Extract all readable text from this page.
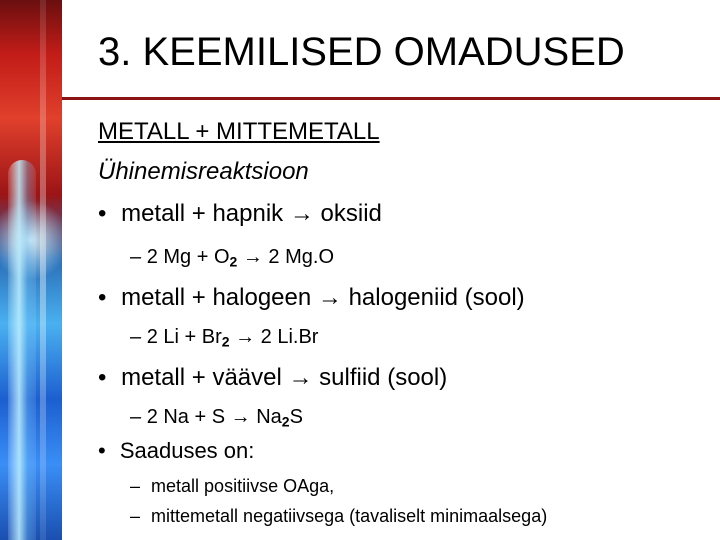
3. KEEMILISED OMADUSED
METALL + MITTEMETALL
Ühinemisreaktsioon
• metall + hapnik → oksiid
– 2 $Mg + O_2 \to 2$ Mg.O
• metall + halogeen → halogeniid (sool)
– 2 $Li + Br_2 \to 2$ Li.Br
• metall + väävel → sulfiid (sool)
– 2 $Na + S \to Na_2S$
• Saaduses on:
– metall positiivse OAga,
– mittemetall negatiivsega (tavaliselt minimaalsega)
